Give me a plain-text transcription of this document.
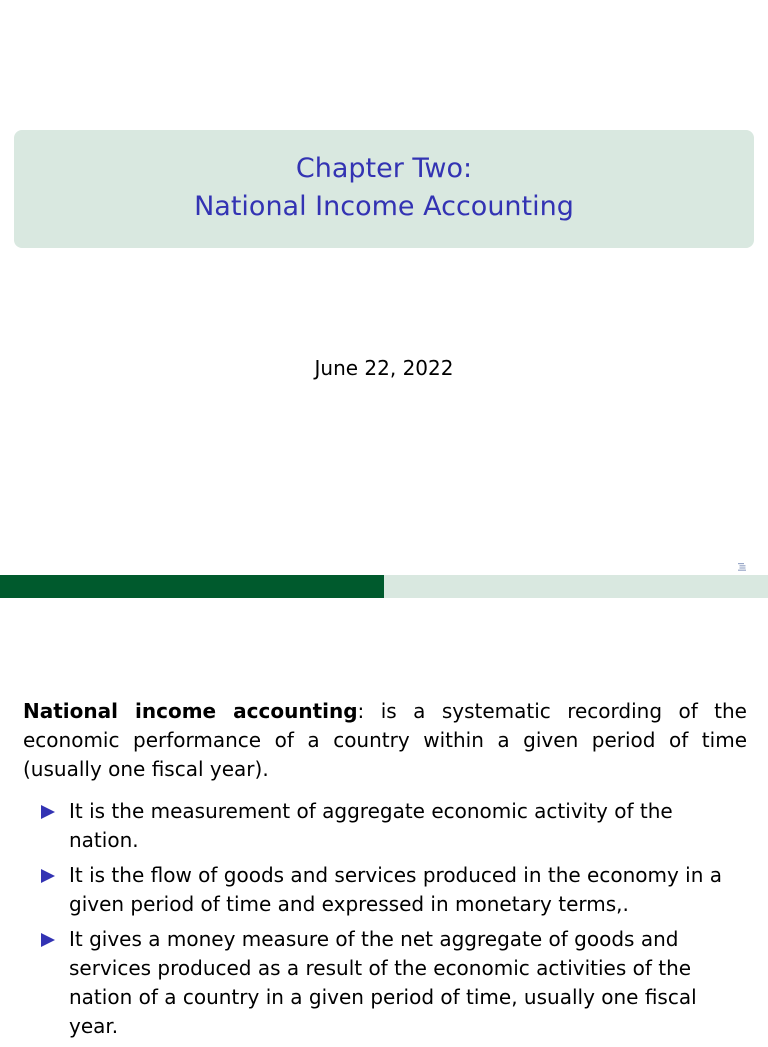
Chapter Two:
National Income Accounting
June 22, 2022
National income accounting: is a systematic recording of the economic performance of a country within a given period of time (usually one fiscal year).
It is the measurement of aggregate economic activity of the nation.
It is the flow of goods and services produced in the economy in a given period of time and expressed in monetary terms,.
It gives a money measure of the net aggregate of goods and services produced as a result of the economic activities of the nation of a country in a given period of time, usually one fiscal year.
